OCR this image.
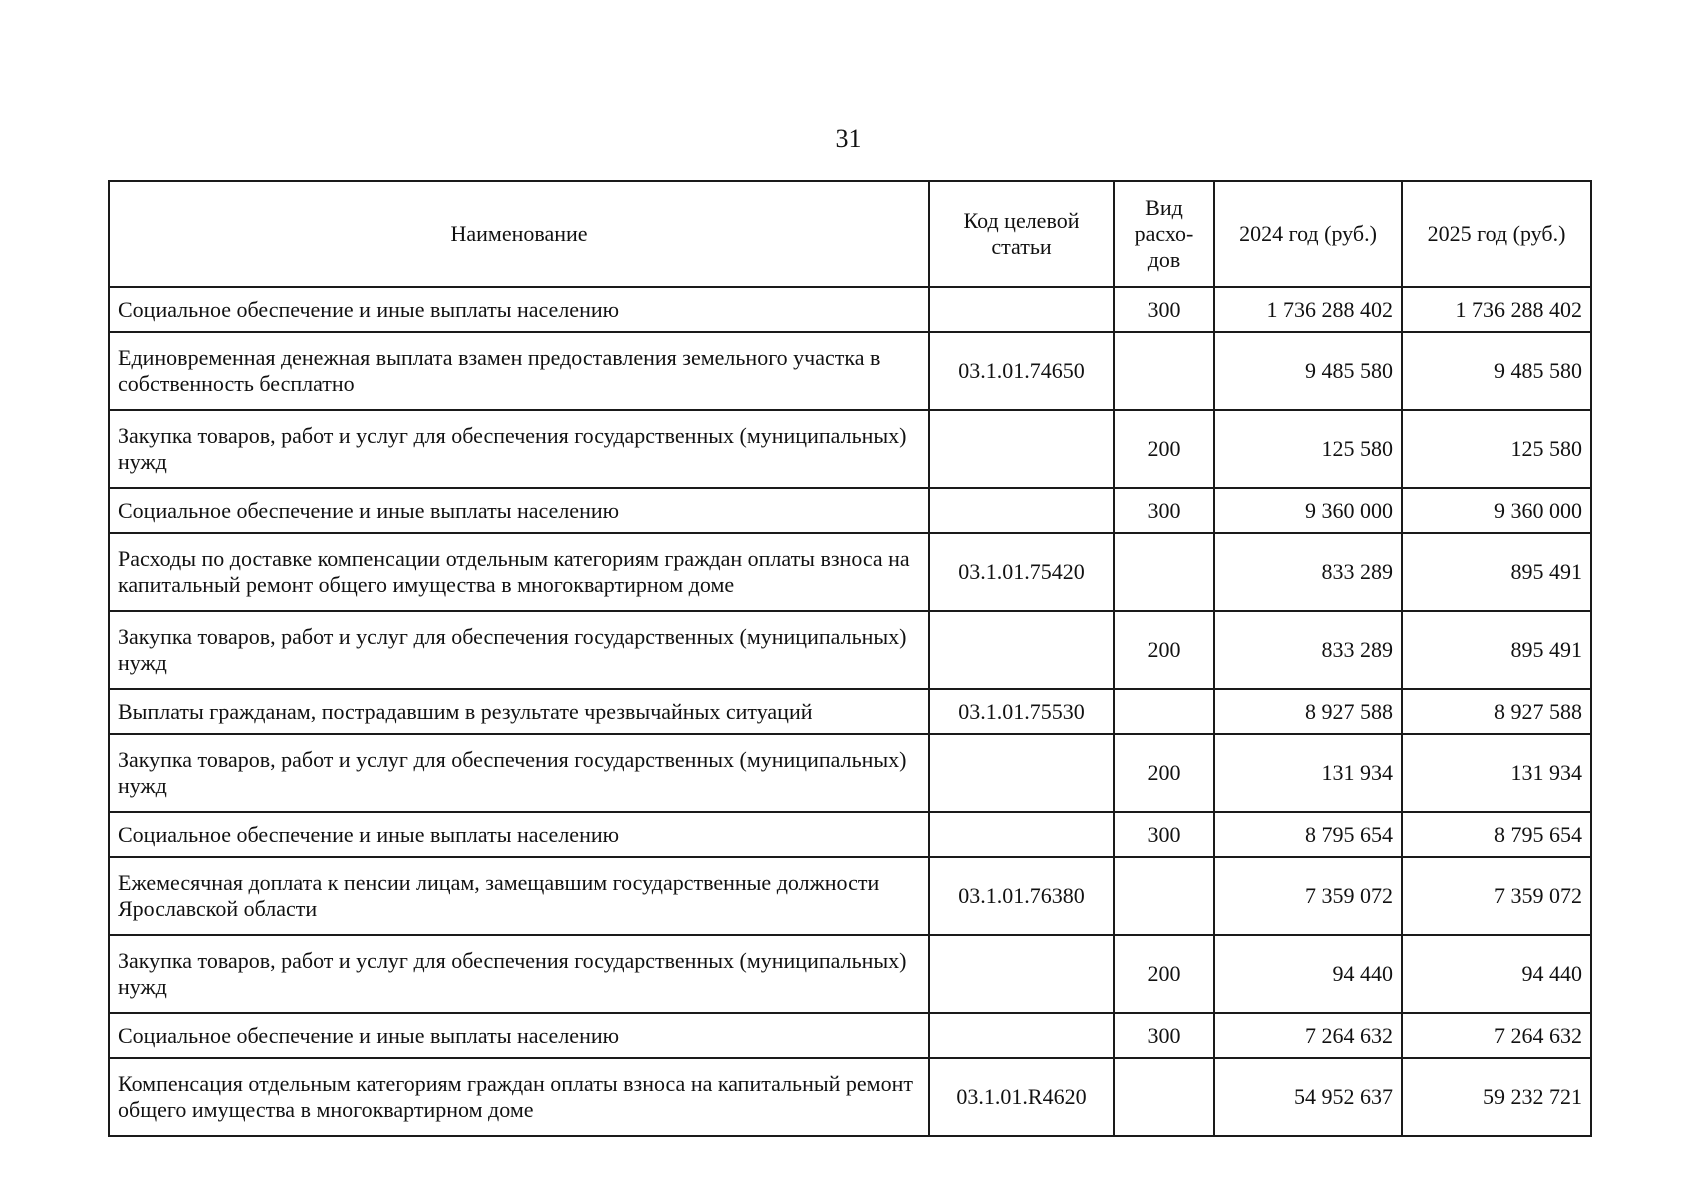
31
Наименование	Код целевой статьи	Вид расхо-дов	2024 год (руб.)	2025 год (руб.)
Социальное обеспечение и иные выплаты населению		300	1 736 288 402	1 736 288 402
Единовременная денежная выплата взамен предоставления земельного участка в собственность бесплатно	03.1.01.74650		9 485 580	9 485 580
Закупка товаров, работ и услуг для обеспечения государственных (муниципальных) нужд		200	125 580	125 580
Социальное обеспечение и иные выплаты населению		300	9 360 000	9 360 000
Расходы по доставке компенсации отдельным категориям граждан оплаты взноса на капитальный ремонт общего имущества в многоквартирном доме	03.1.01.75420		833 289	895 491
Закупка товаров, работ и услуг для обеспечения государственных (муниципальных) нужд		200	833 289	895 491
Выплаты гражданам, пострадавшим в результате чрезвычайных ситуаций	03.1.01.75530		8 927 588	8 927 588
Закупка товаров, работ и услуг для обеспечения государственных (муниципальных) нужд		200	131 934	131 934
Социальное обеспечение и иные выплаты населению		300	8 795 654	8 795 654
Ежемесячная доплата к пенсии лицам, замещавшим государственные должности Ярославской области	03.1.01.76380		7 359 072	7 359 072
Закупка товаров, работ и услуг для обеспечения государственных (муниципальных) нужд		200	94 440	94 440
Социальное обеспечение и иные выплаты населению		300	7 264 632	7 264 632
Компенсация отдельным категориям граждан оплаты взноса на капитальный ремонт общего имущества в многоквартирном доме	03.1.01.R4620		54 952 637	59 232 721
